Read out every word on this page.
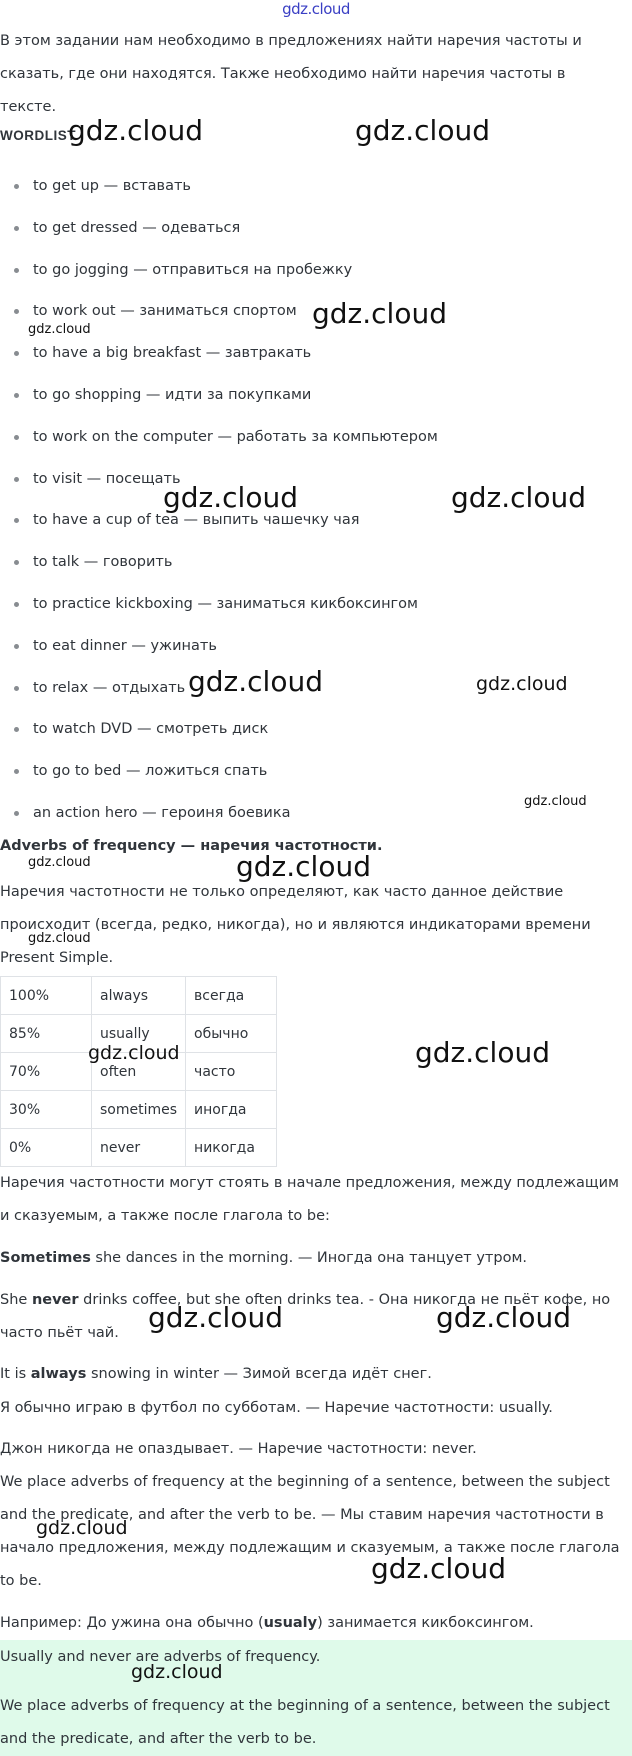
gdz.cloud

В этом задании нам необходимо в предложениях найти наречия частоты и сказать, где они находятся. Также необходимо найти наречия частоты в тексте.

WORDLIST
to get up — вставать
to get dressed — одеваться
to go jogging — отправиться на пробежку
to work out — заниматься спортом
to have a big breakfast — завтракать
to go shopping — идти за покупками
to work on the computer — работать за компьютером
to visit — посещать
to have a cup of tea — выпить чашечку чая
to talk — говорить
to practice kickboxing — заниматься кикбоксингом
to eat dinner — ужинать
to relax — отдыхать
to watch DVD — смотреть диск
to go to bed — ложиться спать
an action hero — героиня боевика
Adverbs of frequency — наречия частотности.

Наречия частотности не только определяют, как часто данное действие происходит (всегда, редко, никогда), но и являются индикаторами времени Present Simple.

100%	always	всегда
85%	usually	обычно
70%	often	часто
30%	sometimes	иногда
0%	never	никогда

Наречия частотности могут стоять в начале предложения, между подлежащим и сказуемым, а также после глагола to be:

Sometimes she dances in the morning. — Иногда она танцует утром.

She never drinks coffee, but she often drinks tea. - Она никогда не пьёт кофе, но часто пьёт чай.

It is always snowing in winter — Зимой всегда идёт снег.

Я обычно играю в футбол по субботам. — Наречие частотности: usually.

Джон никогда не опаздывает. — Наречие частотности: never.

We place adverbs of frequency at the beginning of a sentence, between the subject and the predicate, and after the verb to be. — Мы ставим наречия частотности в начало предложения, между подлежащим и сказуемым, а также после глагола to be.

Например: До ужина она обычно (usualy) занимается кикбоксингом.

Usually and never are adverbs of frequency.

We place adverbs of frequency at the beginning of a sentence, between the subject and the predicate, and after the verb to be.

gdz.cloud	gdz.cloud
gdz.cloud
gdz.cloud
gdz.cloud	gdz.cloud
gdz.cloud	gdz.cloud
gdz.cloud
gdz.cloud	gdz.cloud
gdz.cloud
gdz.cloud	gdz.cloud
gdz.cloud	gdz.cloud
gdz.cloud
gdz.cloud
gdz.cloud
